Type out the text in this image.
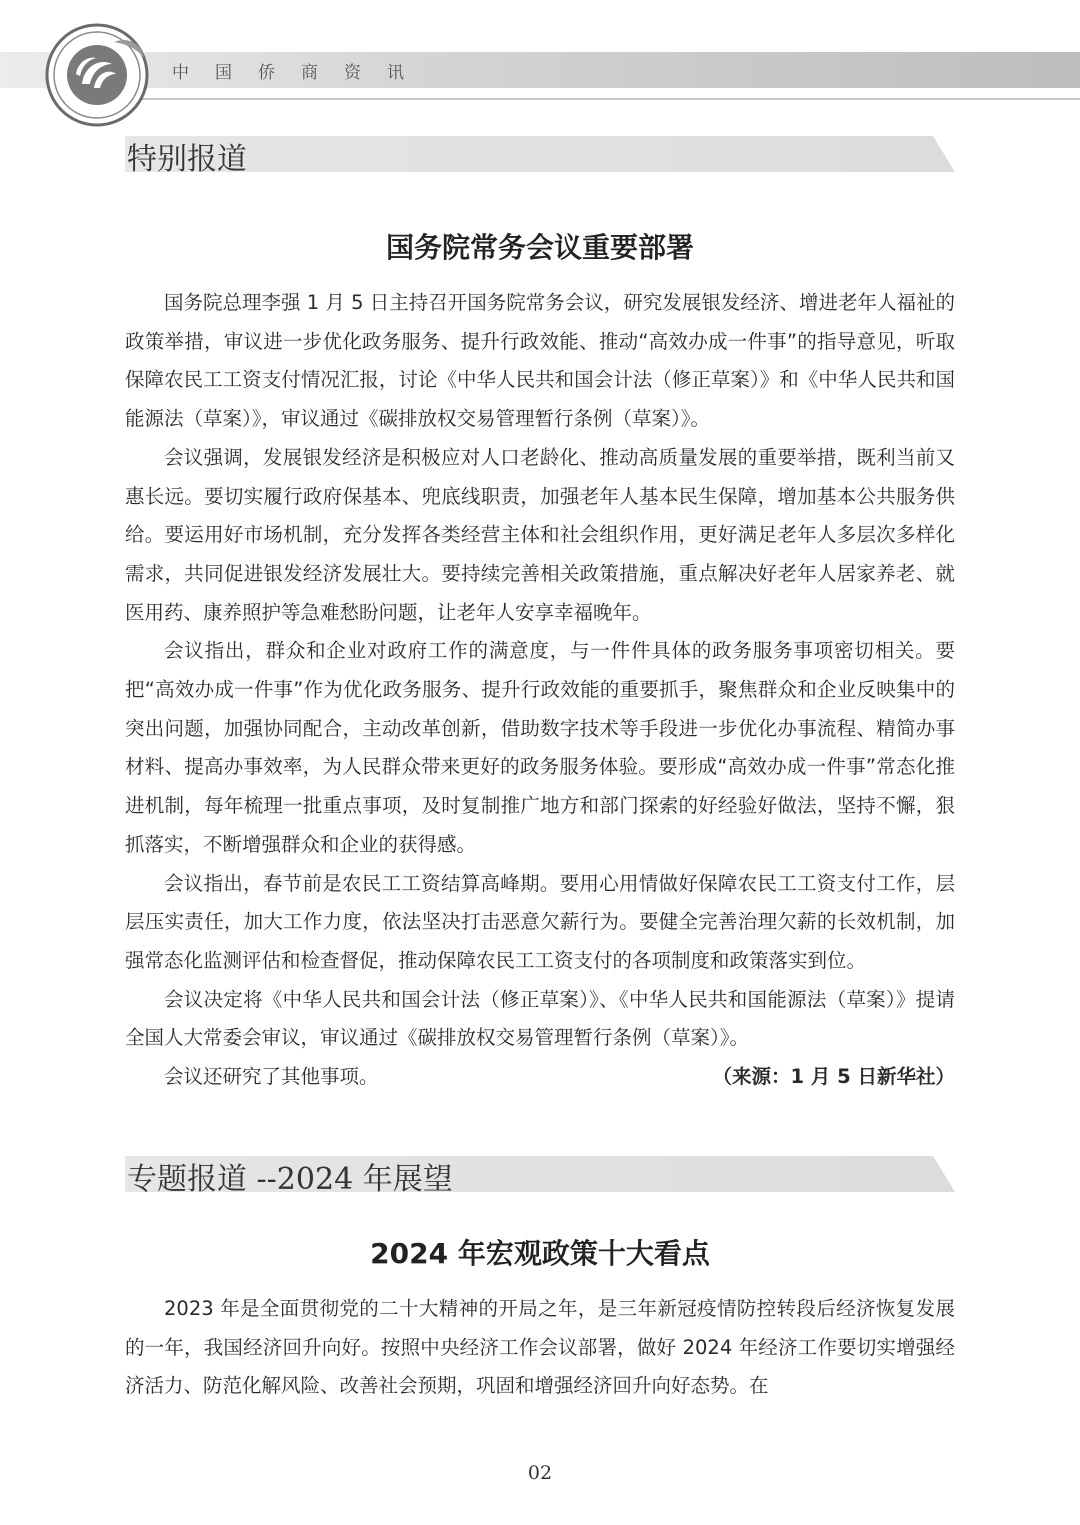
中国侨商资讯
特别报道
国务院常务会议重要部署

国务院总理李强 1 月 5 日主持召开国务院常务会议，研究发展银发经济、增进老年人福祉的政策举措，审议进一步优化政务服务、提升行政效能、推动“高效办成一件事”的指导意见，听取保障农民工工资支付情况汇报，讨论《中华人民共和国会计法（修正草案）》和《中华人民共和国能源法（草案）》，审议通过《碳排放权交易管理暂行条例（草案）》。

会议强调，发展银发经济是积极应对人口老龄化、推动高质量发展的重要举措，既利当前又惠长远。要切实履行政府保基本、兜底线职责，加强老年人基本民生保障，增加基本公共服务供给。要运用好市场机制，充分发挥各类经营主体和社会组织作用，更好满足老年人多层次多样化需求，共同促进银发经济发展壮大。要持续完善相关政策措施，重点解决好老年人居家养老、就医用药、康养照护等急难愁盼问题，让老年人安享幸福晚年。

会议指出，群众和企业对政府工作的满意度，与一件件具体的政务服务事项密切相关。要把“高效办成一件事”作为优化政务服务、提升行政效能的重要抓手，聚焦群众和企业反映集中的突出问题，加强协同配合，主动改革创新，借助数字技术等手段进一步优化办事流程、精简办事材料、提高办事效率，为人民群众带来更好的政务服务体验。要形成“高效办成一件事”常态化推进机制，每年梳理一批重点事项，及时复制推广地方和部门探索的好经验好做法，坚持不懈，狠抓落实，不断增强群众和企业的获得感。

会议指出，春节前是农民工工资结算高峰期。要用心用情做好保障农民工工资支付工作，层层压实责任，加大工作力度，依法坚决打击恶意欠薪行为。要健全完善治理欠薪的长效机制，加强常态化监测评估和检查督促，推动保障农民工工资支付的各项制度和政策落实到位。

会议决定将《中华人民共和国会计法（修正草案）》、《中华人民共和国能源法（草案）》提请全国人大常委会审议，审议通过《碳排放权交易管理暂行条例（草案）》。

会议还研究了其他事项。	（来源：1 月 5 日新华社）

专题报道 --2024 年展望
2024 年宏观政策十大看点

2023 年是全面贯彻党的二十大精神的开局之年，是三年新冠疫情防控转段后经济恢复发展的一年，我国经济回升向好。按照中央经济工作会议部署，做好 2024 年经济工作要切实增强经济活力、防范化解风险、改善社会预期，巩固和增强经济回升向好态势。在

02
